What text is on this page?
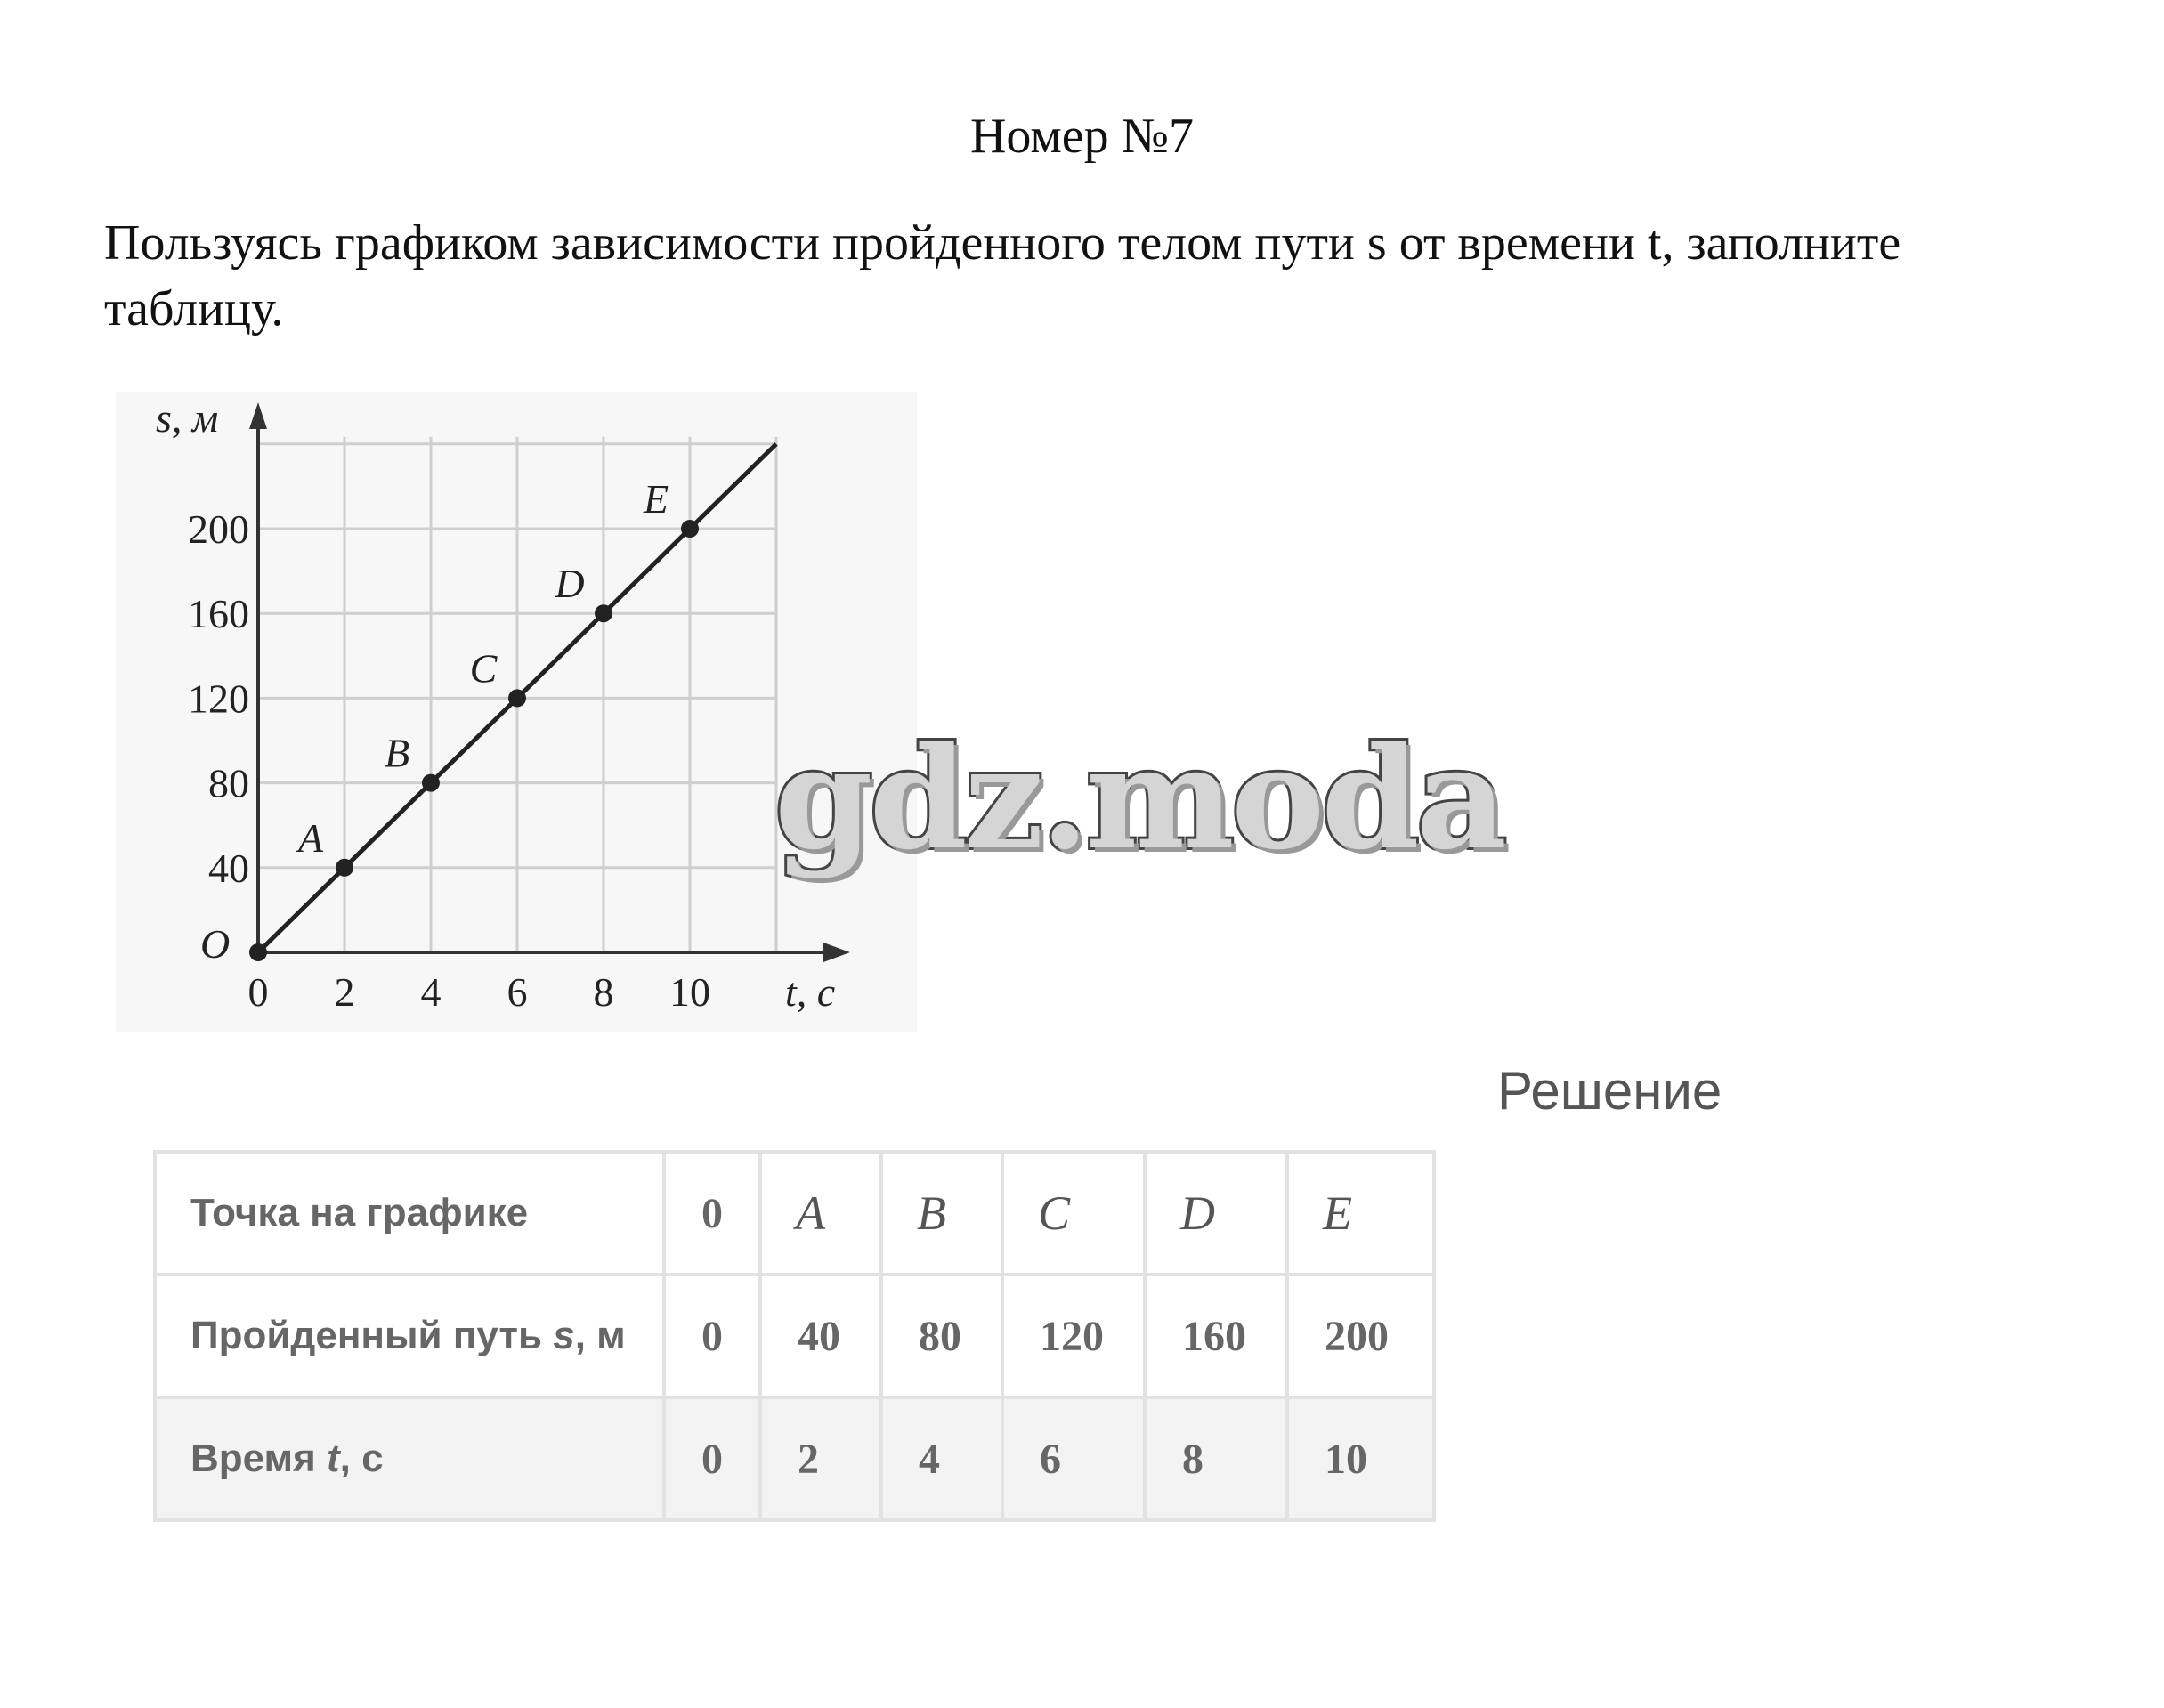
Номер №7
Пользуясь графиком зависимости пройденного телом пути s от времени t, заполните таблицу.
0 2 4 6 8 10
40
80
120
160
200
A
B
C
D
E
s, м
t, с
O
gdz.moda
Решение
Точка на графике	0	A	B	C	D	E
Пройденный путь s, м	0	40	80	120	160	200
Время t, с	0	2	4	6	8	10
